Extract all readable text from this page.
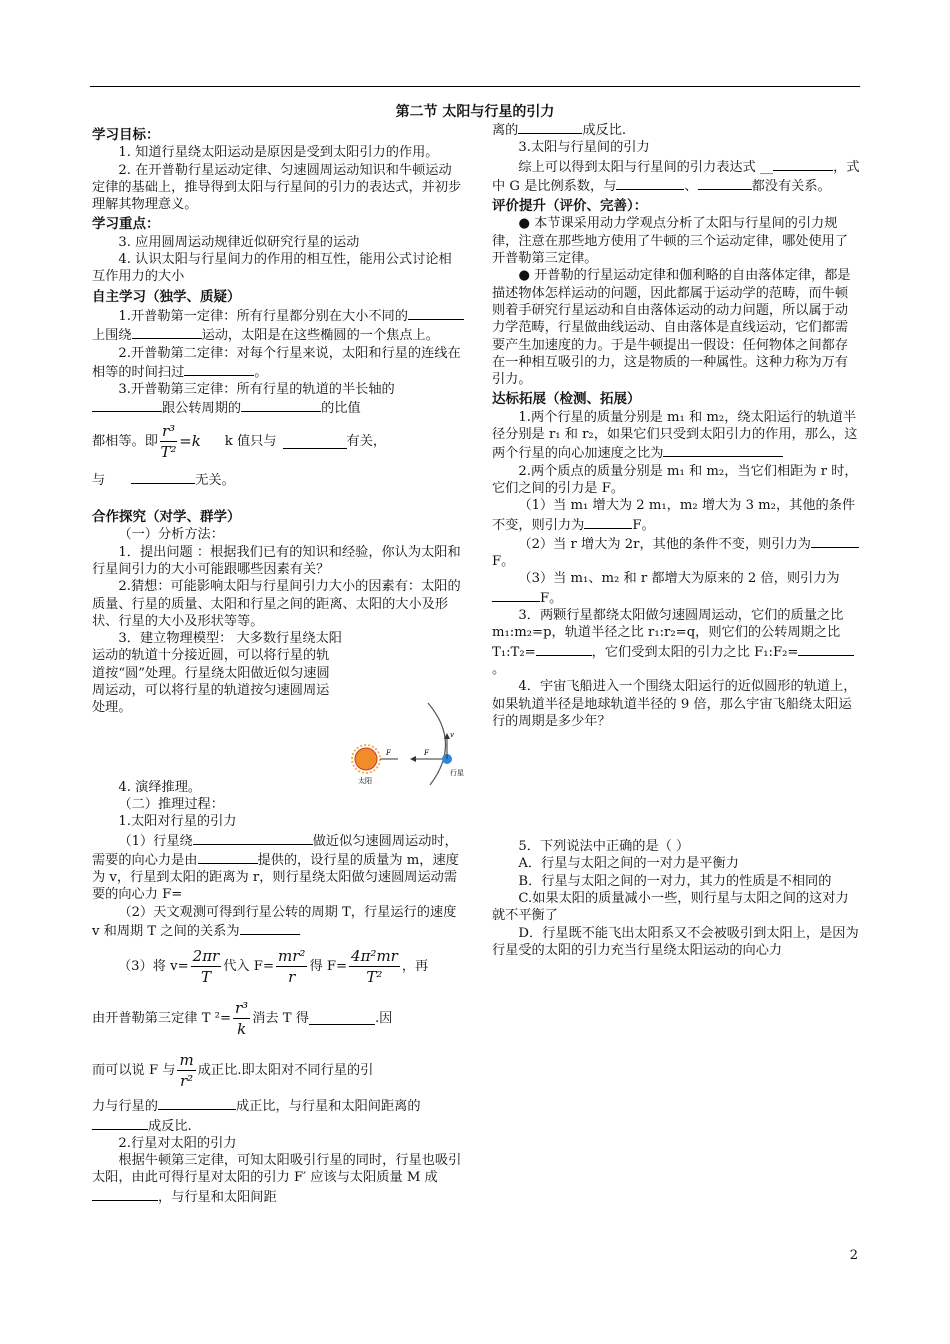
第二节 太阳与行星的引力

学习目标：

1. 知道行星绕太阳运动是原因是受到太阳引力的作用。

2. 在开普勒行星运动定律、匀速圆周运动知识和牛顿运动定律的基础上，推导得到太阳与行星间的引力的表达式，并初步理解其物理意义。

学习重点：

3. 应用圆周运动规律近似研究行星的运动

4. 认识太阳与行星间力的作用的相互性，能用公式讨论相互作用力的大小

自主学习（独学、质疑）

1.开普勒第一定律：所有行星都分别在大小不同的上围绕	运动，太阳是在这些椭圆的一个焦点上。

2.开普勒第二定律：对每个行星来说，太阳和行星的连线在相等的时间扫过	。

3.开普勒第三定律：所有行星的轨道的半长轴的跟公转周期的	的比值

都相等。即 $\frac{\text{r³}}{\text{T²}} =k$ k 值只与	有关，

与	无关。

合作探究（对学、群学）

（一）分析方法：

1．提出问题 ：根据我们已有的知识和经验，你认为太阳和行星间引力的大小可能跟哪些因素有关？

2.猜想：可能影响太阳与行星间引力大小的因素有：太阳的质量、行星的质量、太阳和行星之间的距离、太阳的大小及形状、行星的大小及形状等等。

3．建立物理模型： 大多数行星绕太阳运动的轨道十分接近圆，可以将行星的轨道按“圆”处理。行星绕太阳做近似匀速圆周运动，可以将行星的轨道按匀速圆周运处理。

4. 演绎推理。

（二）推理过程：

1.太阳对行星的引力

（1）行星绕	做近似匀速圆周运动时，需要的向心力是由	提供的，设行星的质量为 m，速度为 v，行星到太阳的距离为 r，则行星绕太阳做匀速圆周运动需要的向心力 F=

（2）天文观测可得到行星公转的周期 T，行星运行的速度 v 和周期 T 之间的关系为

（3）将 $v= \frac{2\pi r}{T}$ 代入 $F= \frac{\text{mr²}}{r}$ 得 $F= \frac{\text{4π²mr}}{\text{T²}}$ ，再
由开普勒第三定律 T $^2= \frac{\text{r³}}{k}$ 消去 T 得	.因
而可以说 F 与 $\frac{m}{\text{r²}}$ 成正比.即太阳对不同行星的引

力与行星的	成正比，与行星和太阳间距离的成反比.

2.行星对太阳的引力

根据牛顿第三定律，可知太阳吸引行星的同时，行星也吸引太阳，由此可得行星对太阳的引力 F′ 应该与太阳质量 M 成，与行星和太阳间距

太阳
行星
F	F
v

离的	成反比.

3.太阳与行星间的引力

综上可以得到太阳与行星间的引力表达式 __	，式中 G 是比例系数，与	、	都没有关系。

评价提升（评价、完善）：

● 本节课采用动力学观点分析了太阳与行星间的引力规律，注意在那些地方使用了牛顿的三个运动定律，哪处使用了开普勒第三定律。

● 开普勒的行星运动定律和伽利略的自由落体定律，都是描述物体怎样运动的问题，因此都属于运动学的范畴，而牛顿则着手研究行星运动和自由落体运动的动力问题，所以属于动力学范畴，行星做曲线运动、自由落体是直线运动，它们都需要产生加速度的力。于是牛顿提出一假设：任何物体之间都存在一种相互吸引的力，这是物质的一种属性。这种力称为万有引力。

达标拓展（检测、拓展）

1.两个行星的质量分别是 m₁ 和 m₂，绕太阳运行的轨道半径分别是 r₁ 和 r₂，如果它们只受到太阳引力的作用，那么，这两个行星的向心加速度之比为

2.两个质点的质量分别是 m₁ 和 m₂，当它们相距为 r 时，它们之间的引力是 F。

（1）当 m₁ 增大为 2 m₁，m₂ 增大为 3 m₂，其他的条件不变，则引力为	F。

（2）当 r 增大为 2r，其他的条件不变，则引力为F。

（3）当 m₁、m₂ 和 r 都增大为原来的 2 倍，则引力为F。

3．两颗行星都绕太阳做匀速圆周运动，它们的质量之比 m₁:m₂=p，轨道半径之比 r₁:r₂=q，则它们的公转周期之比 T₁:T₂=	，它们受到太阳的引力之比 F₁:F₂=。

4．宇宙飞船进入一个围绕太阳运行的近似圆形的轨道上，如果轨道半径是地球轨道半径的 9 倍，那么宇宙飞船绕太阳运行的周期是多少年？

5．下列说法中正确的是（ ）

A．行星与太阳之间的一对力是平衡力

B．行星与太阳之间的一对力，其力的性质是不相同的

C.如果太阳的质量减小一些，则行星与太阳之间的这对力就不平衡了

D．行星既不能飞出太阳系又不会被吸引到太阳上，是因为行星受的太阳的引力充当行星绕太阳运动的向心力

2
